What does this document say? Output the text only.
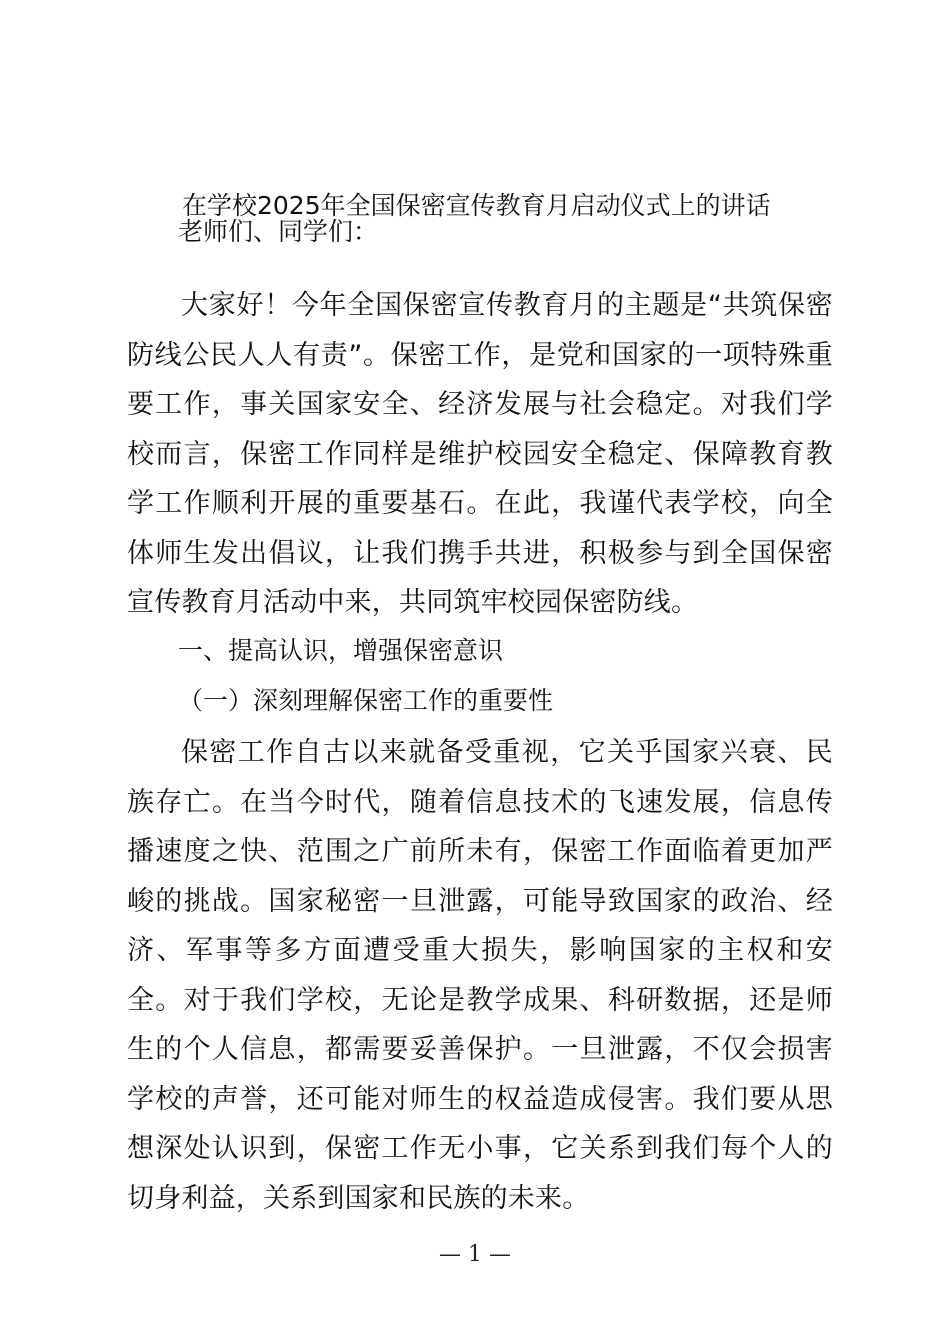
在学校2025年全国保密宣传教育月启动仪式上的讲话
老师们、同学们：
大家好！今年全国保密宣传教育月的主题是“共筑保密防线公民人人有责”。保密工作，是党和国家的一项特殊重要工作，事关国家安全、经济发展与社会稳定。对我们学校而言，保密工作同样是维护校园安全稳定、保障教育教学工作顺利开展的重要基石。在此，我谨代表学校，向全体师生发出倡议，让我们携手共进，积极参与到全国保密宣传教育月活动中来，共同筑牢校园保密防线。
一、提高认识，增强保密意识
（一）深刻理解保密工作的重要性
保密工作自古以来就备受重视，它关乎国家兴衰、民族存亡。在当今时代，随着信息技术的飞速发展，信息传播速度之快、范围之广前所未有，保密工作面临着更加严峻的挑战。国家秘密一旦泄露，可能导致国家的政治、经济、军事等多方面遭受重大损失，影响国家的主权和安全。对于我们学校，无论是教学成果、科研数据，还是师生的个人信息，都需要妥善保护。一旦泄露，不仅会损害学校的声誉，还可能对师生的权益造成侵害。我们要从思想深处认识到，保密工作无小事，它关系到我们每个人的切身利益，关系到国家和民族的未来。
— 1 —
